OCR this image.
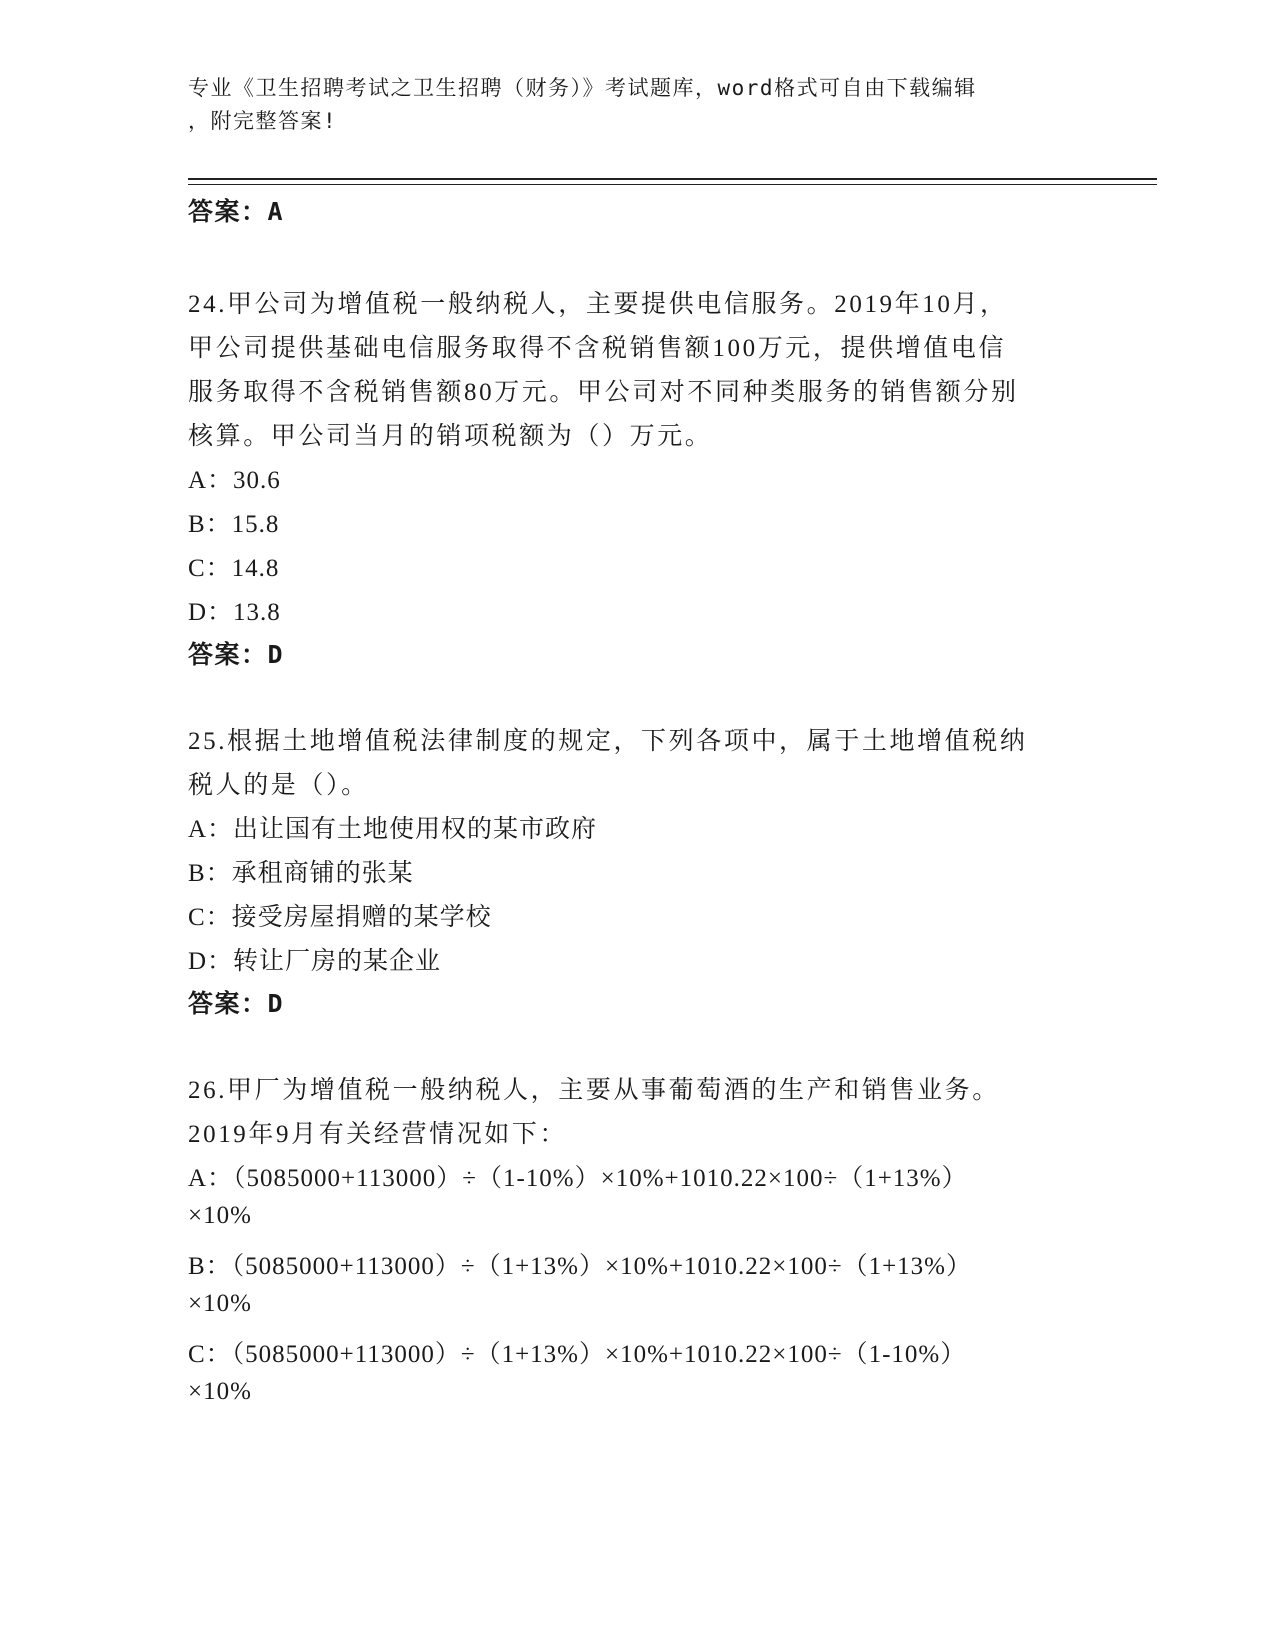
专业《卫生招聘考试之卫生招聘（财务）》考试题库，word格式可自由下载编辑
，附完整答案!
答案：A
24.甲公司为增值税一般纳税人，主要提供电信服务。2019年10月，
甲公司提供基础电信服务取得不含税销售额100万元，提供增值电信
服务取得不含税销售额80万元。甲公司对不同种类服务的销售额分别
核算。甲公司当月的销项税额为（）万元。
A：30.6
B：15.8
C：14.8
D：13.8
答案：D
25.根据土地增值税法律制度的规定，下列各项中，属于土地增值税纳
税人的是（）。
A：出让国有土地使用权的某市政府
B：承租商铺的张某
C：接受房屋捐赠的某学校
D：转让厂房的某企业
答案：D
26.甲厂为增值税一般纳税人，主要从事葡萄酒的生产和销售业务。
2019年9月有关经营情况如下：
A：（5085000+113000）÷（1-10%）×10%+1010.22×100÷（1+13%）
×10%
B：（5085000+113000）÷（1+13%）×10%+1010.22×100÷（1+13%）
×10%
C：（5085000+113000）÷（1+13%）×10%+1010.22×100÷（1-10%）
×10%
